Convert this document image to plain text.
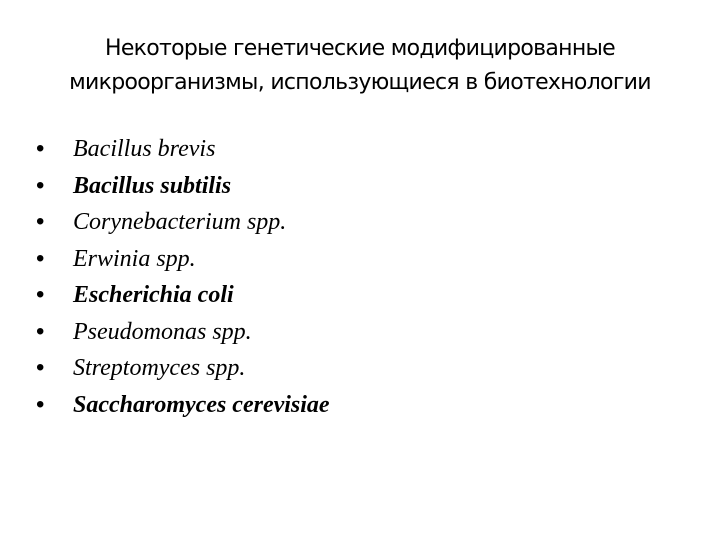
Некоторые генетические модифицированные
микроорганизмы, использующиеся в биотехнологии
•	Bacillus brevis
•	Bacillus subtilis
•	Corynebacterium spp.
•	Erwinia spp.
•	Escherichia coli
•	Pseudomonas spp.
•	Streptomyces spp.
•	Saccharomyces cerevisiae
